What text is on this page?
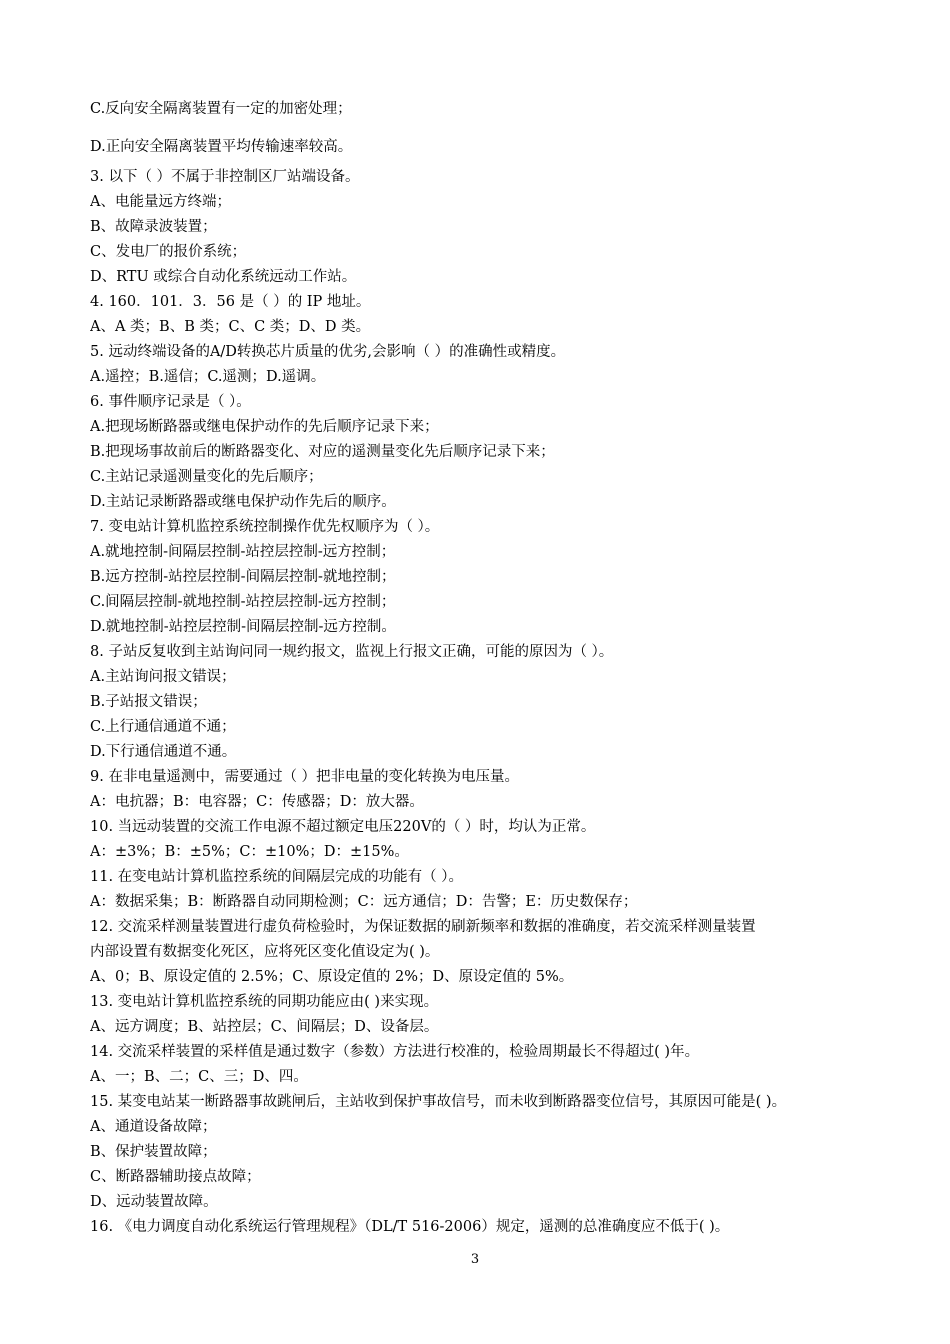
C.反向安全隔离装置有一定的加密处理；
D.正向安全隔离装置平均传输速率较高。
3. 以下（ ）不属于非控制区厂站端设备。
A、电能量远方终端；
B、故障录波装置；
C、发电厂的报价系统；
D、RTU 或综合自动化系统远动工作站。
4. 160．101．3．56 是（ ）的 IP 地址。
A、A 类；B、B 类；C、C 类；D、D 类。
5. 远动终端设备的A/D转换芯片质量的优劣,会影响（ ）的准确性或精度。
A.遥控；B.遥信；C.遥测；D.遥调。
6. 事件顺序记录是（ ）。
A.把现场断路器或继电保护动作的先后顺序记录下来；
B.把现场事故前后的断路器变化、对应的遥测量变化先后顺序记录下来；
C.主站记录遥测量变化的先后顺序；
D.主站记录断路器或继电保护动作先后的顺序。
7. 变电站计算机监控系统控制操作优先权顺序为（ ）。
A.就地控制-间隔层控制-站控层控制-远方控制；
B.远方控制-站控层控制-间隔层控制-就地控制；
C.间隔层控制-就地控制-站控层控制-远方控制；
D.就地控制-站控层控制-间隔层控制-远方控制。
8. 子站反复收到主站询问同一规约报文，监视上行报文正确，可能的原因为（ ）。
A.主站询问报文错误；
B.子站报文错误；
C.上行通信通道不通；
D.下行通信通道不通。
9. 在非电量遥测中，需要通过（ ）把非电量的变化转换为电压量。
A：电抗器；B：电容器；C：传感器；D：放大器。
10. 当远动装置的交流工作电源不超过额定电压220V的（ ）时，均认为正常。
A：±3%；B：±5%；C：±10%；D：±15%。
11. 在变电站计算机监控系统的间隔层完成的功能有（ ）。
A：数据采集；B：断路器自动同期检测；C：远方通信；D：告警；E：历史数保存；
12. 交流采样测量装置进行虚负荷检验时，为保证数据的刷新频率和数据的准确度，若交流采样测量装置
内部设置有数据变化死区，应将死区变化值设定为( )。
A、0；B、原设定值的 2.5%；C、原设定值的 2%；D、原设定值的 5%。
13. 变电站计算机监控系统的同期功能应由( )来实现。
A、远方调度；B、站控层；C、间隔层；D、设备层。
14. 交流采样装置的采样值是通过数字（参数）方法进行校准的，检验周期最长不得超过( )年。
A、一；B、二；C、三；D、四。
15. 某变电站某一断路器事故跳闸后，主站收到保护事故信号，而未收到断路器变位信号，其原因可能是( )。
A、通道设备故障；
B、保护装置故障；
C、断路器辅助接点故障；
D、远动装置故障。
16. 《电力调度自动化系统运行管理规程》（DL/T 516-2006）规定，遥测的总准确度应不低于( )。
3
